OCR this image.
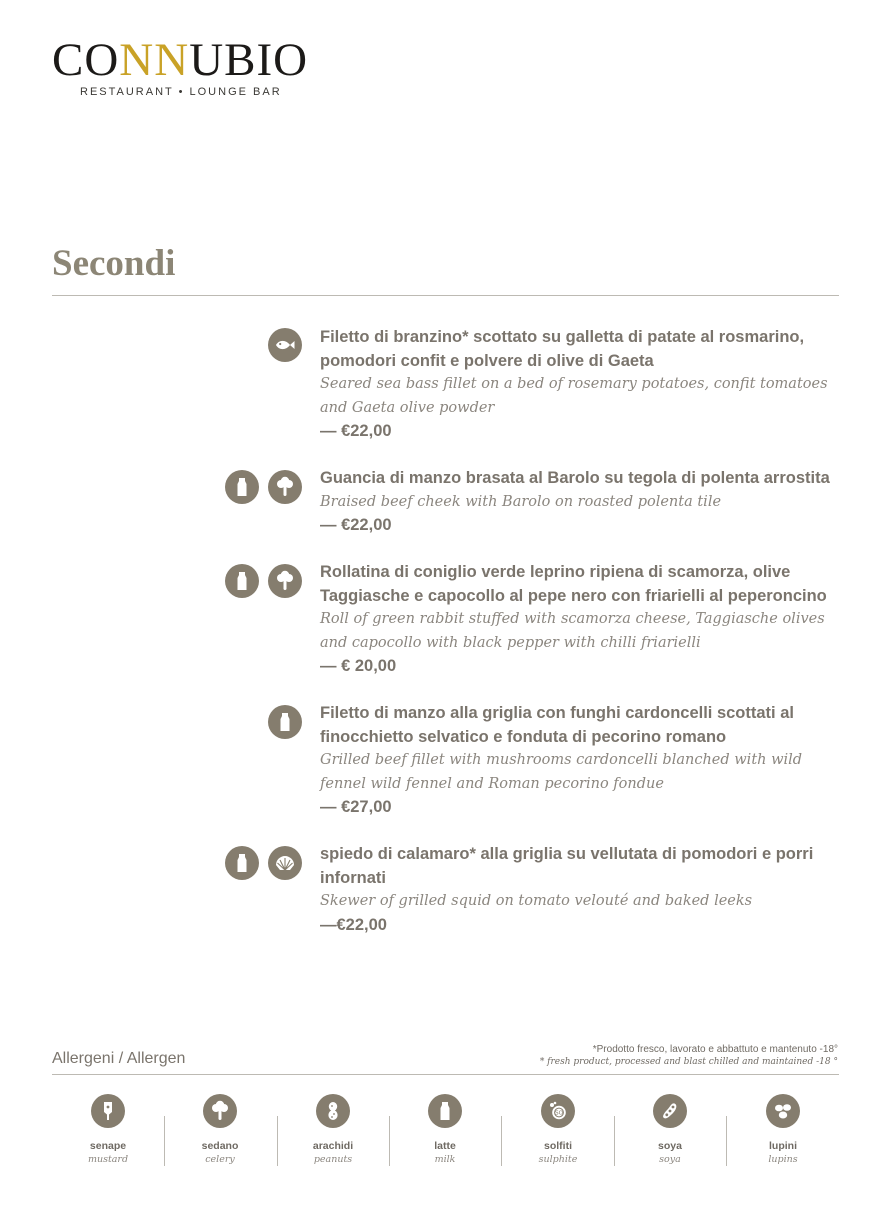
CONNUBIO
RESTAURANT • LOUNGE BAR
Secondi
Filetto di branzino* scottato su galletta di patate al rosmarino, pomodori confit e polvere di olive di Gaeta
Seared sea bass fillet on a bed of rosemary potatoes, confit tomatoes and Gaeta olive powder
— €22,00
Guancia di manzo brasata al Barolo su tegola di polenta arrostita
Braised beef cheek with Barolo on roasted polenta tile
— €22,00
Rollatina di coniglio verde leprino ripiena di scamorza, olive Taggiasche e capocollo al pepe nero con friarielli al peperoncino
Roll of green rabbit stuffed with scamorza cheese, Taggiasche olives and capocollo with black pepper with chilli friarielli
— € 20,00
Filetto di manzo alla griglia con funghi cardoncelli scottati al finocchietto selvatico e fonduta di pecorino romano
Grilled beef fillet with mushrooms cardoncelli blanched with wild fennel wild fennel and Roman pecorino fondue
— €27,00
spiedo di calamaro* alla griglia su vellutata di pomodori e porri infornati
Skewer of grilled squid on tomato velouté and baked leeks
—€22,00
Allergeni / Allergen
*Prodotto fresco, lavorato e abbattuto e mantenuto -18°
* fresh product, processed and blast chilled and maintained -18 °
senape
mustard
sedano
celery
arachidi
peanuts
latte
milk
SO
solfiti
sulphite
soya
soya
lupini
lupins
